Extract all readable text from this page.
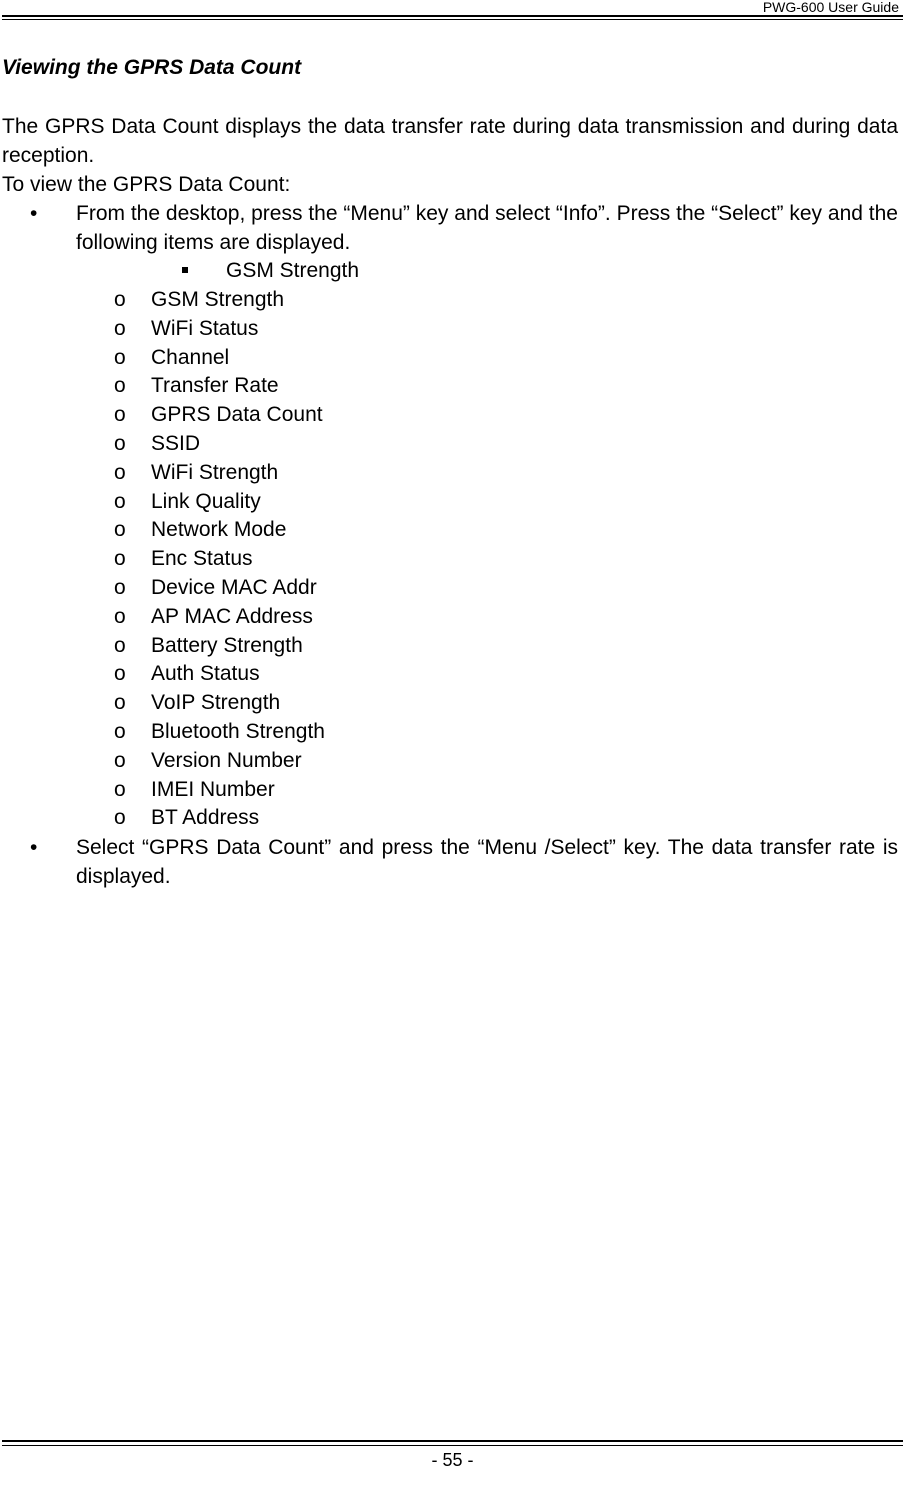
PWG-600 User Guide
Viewing the GPRS Data Count

The GPRS Data Count displays the data transfer rate during data transmission and during data reception.

To view the GPRS Data Count:

• From the desktop, press the “Menu” key and select “Info”. Press the “Select” key and the following items are displayed.
GSM Strength
o GSM Strength
o WiFi Status
o Channel
o Transfer Rate
o GPRS Data Count
o SSID
o WiFi Strength
o Link Quality
o Network Mode
o Enc Status
o Device MAC Addr
o AP MAC Address
o Battery Strength
o Auth Status
o VoIP Strength
o Bluetooth Strength
o Version Number
o IMEI Number
o BT Address
• Select “GPRS Data Count” and press the “Menu /Select” key. The data transfer rate is displayed.
- 55 -
